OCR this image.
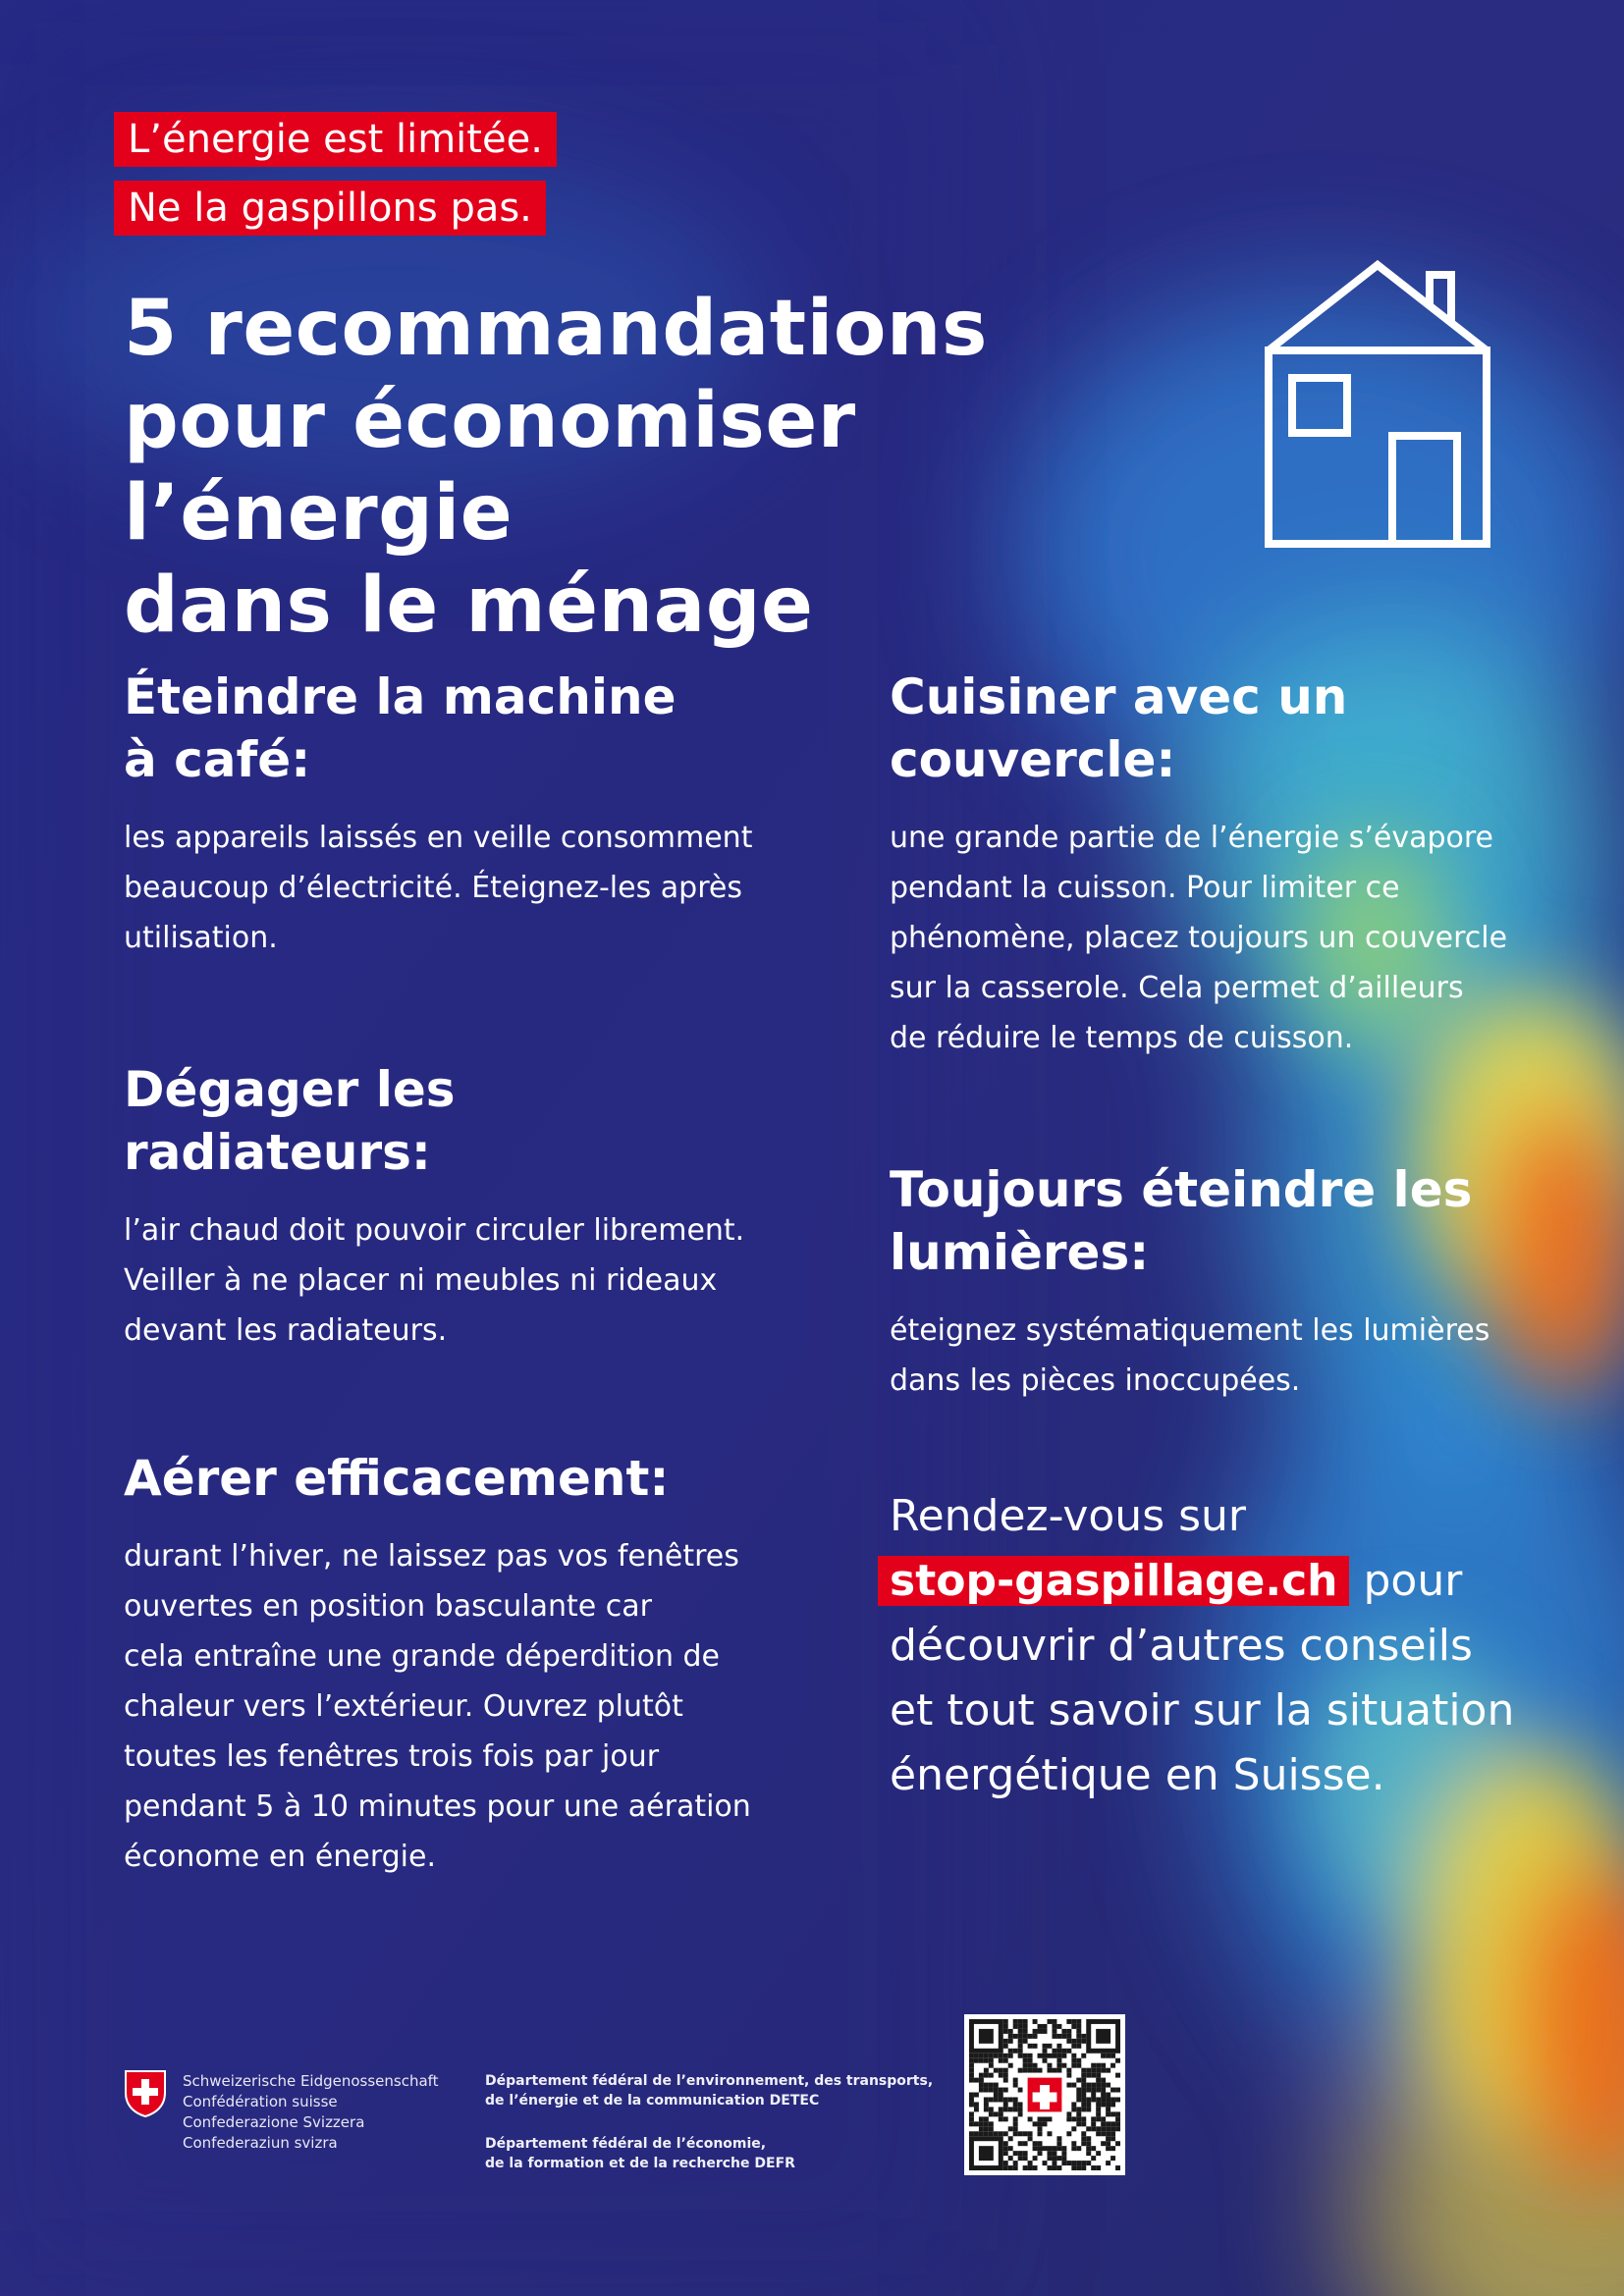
L’énergie est limitée.
Ne la gaspillons pas.
5 recommandations
pour économiser l’énergie
dans le ménage
Éteindre la machine
à café:

les appareils laissés en veille consomment
beaucoup d’électricité. Éteignez-les après
utilisation.

Dégager les
radiateurs:

l’air chaud doit pouvoir circuler librement.
Veiller à ne placer ni meubles ni rideaux
devant les radiateurs.

Aérer efficacement:

durant l’hiver, ne laissez pas vos fenêtres
ouvertes en position basculante car
cela entraîne une grande déperdition de
chaleur vers l’extérieur. Ouvrez plutôt
toutes les fenêtres trois fois par jour
pendant 5 à 10 minutes pour une aération
économe en énergie.

Cuisiner avec un
couvercle:

une grande partie de l’énergie s’évapore
pendant la cuisson. Pour limiter ce
phénomène, placez toujours un couvercle
sur la casserole. Cela permet d’ailleurs
de réduire le temps de cuisson.

Toujours éteindre les
lumières:

éteignez systématiquement les lumières
dans les pièces inoccupées.

Rendez-vous sur
stop-gaspillage.ch pour
découvrir d’autres conseils
et tout savoir sur la situation
énergétique en Suisse.

Schweizerische Eidgenossenschaft
Confédération suisse
Confederazione Svizzera
Confederaziun svizra
Département fédéral de l’environnement, des transports,
de l’énergie et de la communication DETEC
Département fédéral de l’économie,
de la formation et de la recherche DEFR
